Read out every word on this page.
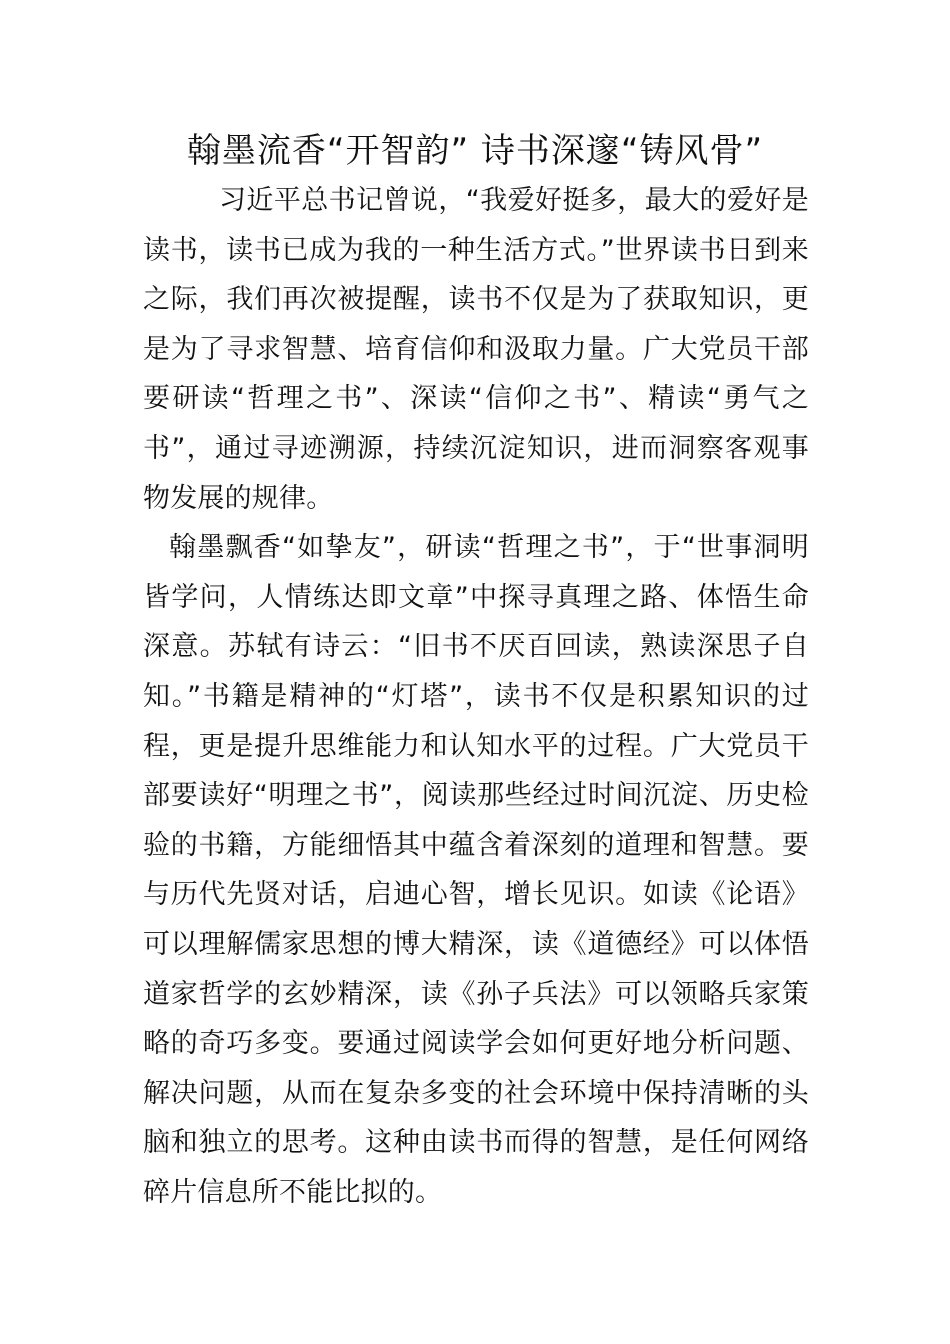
翰墨流香“开智韵” 诗书深邃“铸风骨”

习近平总书记曾说，“我爱好挺多，最大的爱好是读书，读书已成为我的一种生活方式。”世界读书日到来之际，我们再次被提醒，读书不仅是为了获取知识，更是为了寻求智慧、培育信仰和汲取力量。广大党员干部要研读“哲理之书”、深读“信仰之书”、精读“勇气之书”，通过寻迹溯源，持续沉淀知识，进而洞察客观事物发展的规律。

翰墨飘香“如挚友”，研读“哲理之书”，于“世事洞明皆学问，人情练达即文章”中探寻真理之路、体悟生命深意。苏轼有诗云：“旧书不厌百回读，熟读深思子自知。”书籍是精神的“灯塔”，读书不仅是积累知识的过程，更是提升思维能力和认知水平的过程。广大党员干部要读好“明理之书”，阅读那些经过时间沉淀、历史检验的书籍，方能细悟其中蕴含着深刻的道理和智慧。要与历代先贤对话，启迪心智，增长见识。如读《论语》可以理解儒家思想的博大精深，读《道德经》可以体悟道家哲学的玄妙精深，读《孙子兵法》可以领略兵家策略的奇巧多变。要通过阅读学会如何更好地分析问题、解决问题，从而在复杂多变的社会环境中保持清晰的头脑和独立的思考。这种由读书而得的智慧，是任何网络碎片信息所不能比拟的。
